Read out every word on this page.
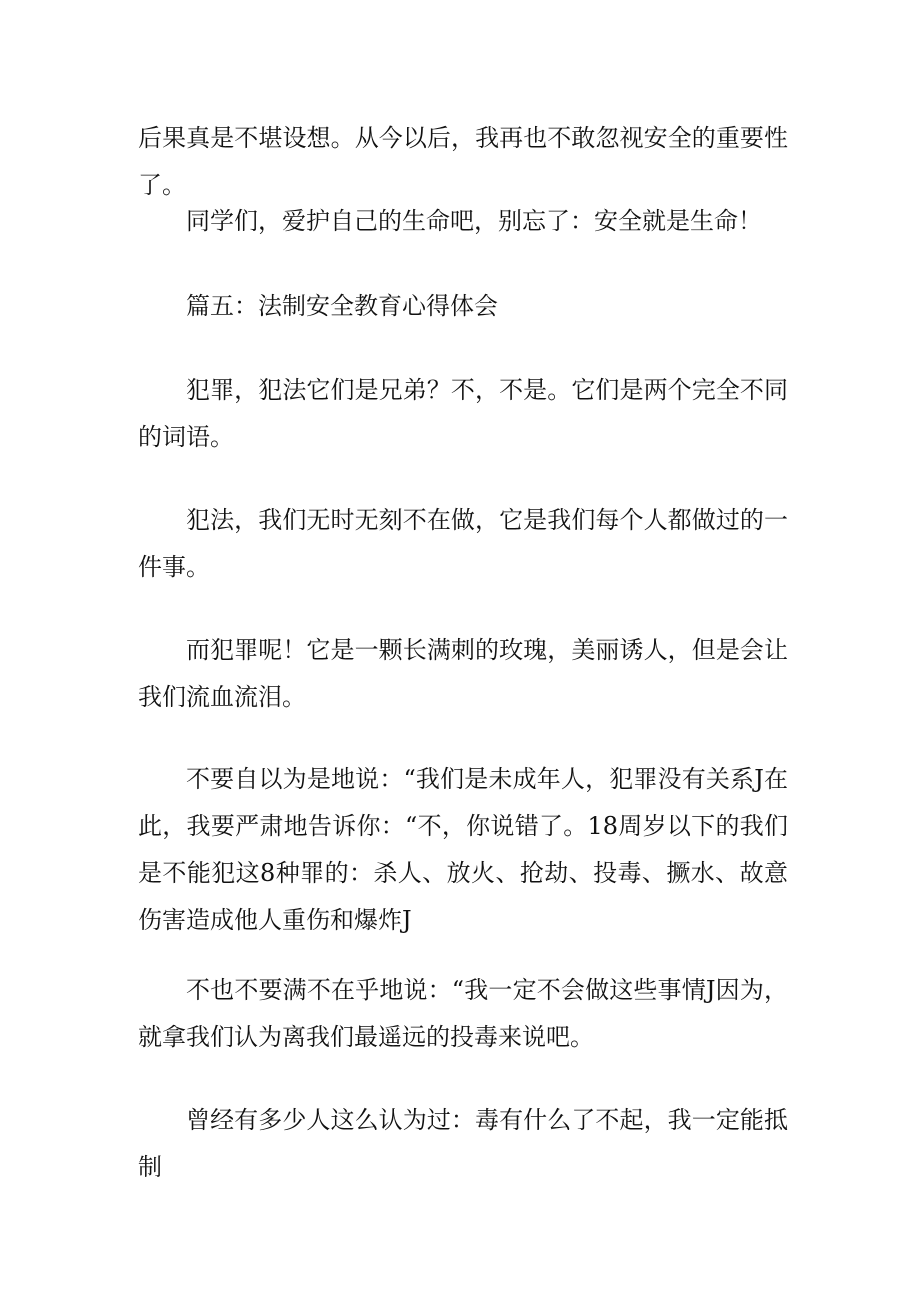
后果真是不堪设想。从今以后，我再也不敢忽视安全的重要性了。

同学们，爱护自己的生命吧，别忘了：安全就是生命！

篇五：法制安全教育心得体会

犯罪，犯法它们是兄弟？不，不是。它们是两个完全不同的词语。

犯法，我们无时无刻不在做，它是我们每个人都做过的一件事。

而犯罪呢！它是一颗长满刺的玫瑰，美丽诱人，但是会让我们流血流泪。

不要自以为是地说：“我们是未成年人，犯罪没有关系J在此，我要严肃地告诉你：“不，你说错了。18周岁以下的我们是不能犯这8种罪的：杀人、放火、抢劫、投毒、撅水、故意伤害造成他人重伤和爆炸J

不也不要满不在乎地说：“我一定不会做这些事情J因为，就拿我们认为离我们最遥远的投毒来说吧。

曾经有多少人这么认为过：毒有什么了不起，我一定能抵制
